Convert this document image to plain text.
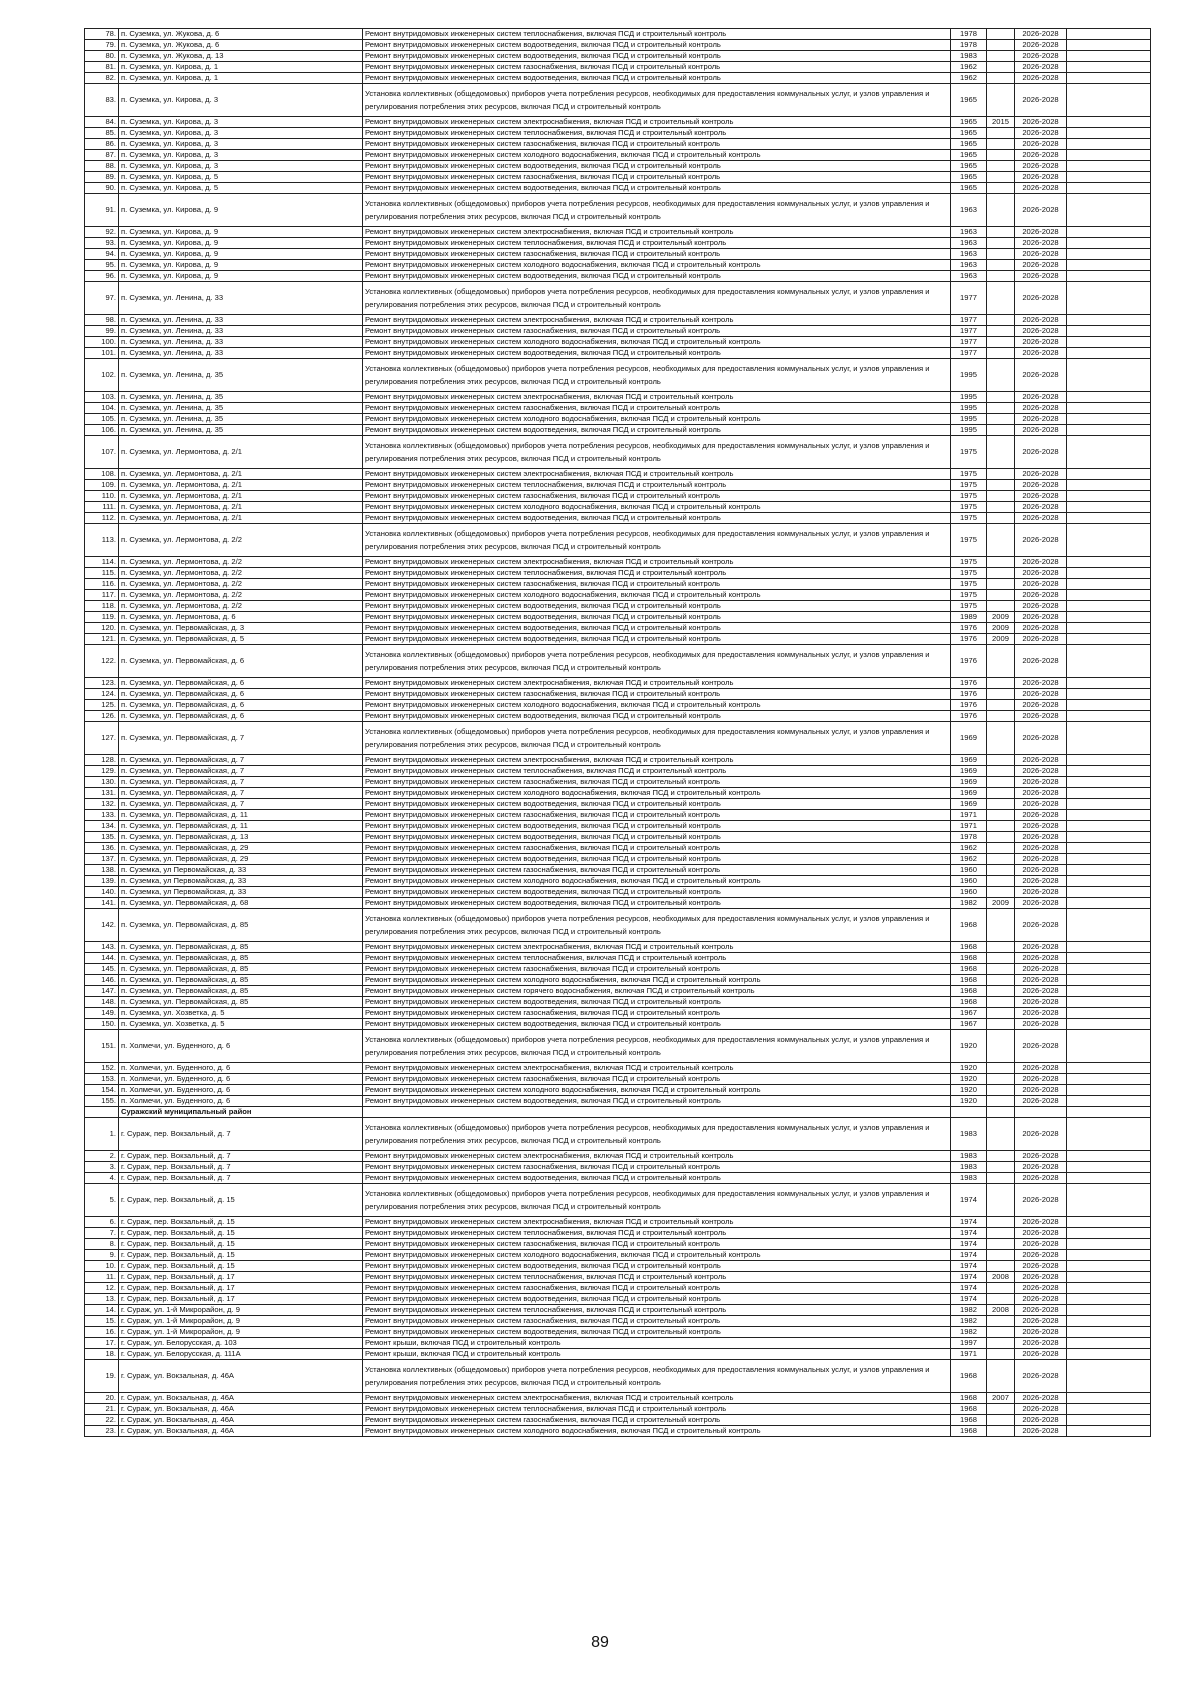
78.	п. Суземка, ул. Жукова, д. 6	Ремонт внутридомовых инженерных систем теплоснабжения, включая ПСД и строительный контроль	1978		2026-2028	
79.	п. Суземка, ул. Жукова, д. 6	Ремонт внутридомовых инженерных систем водоотведения, включая ПСД и строительный контроль	1978		2026-2028	
80.	п. Суземка, ул. Жукова, д. 13	Ремонт внутридомовых инженерных систем водоотведения, включая ПСД и строительный контроль	1983		2026-2028	
81.	п. Суземка, ул. Кирова, д. 1	Ремонт внутридомовых инженерных систем газоснабжения, включая ПСД и строительный контроль	1962		2026-2028	
82.	п. Суземка, ул. Кирова, д. 1	Ремонт внутридомовых инженерных систем водоотведения, включая ПСД и строительный контроль	1962		2026-2028	
83.	п. Суземка, ул. Кирова, д. 3	Установка коллективных (общедомовых) приборов учета потребления ресурсов, необходимых для предоставления коммунальных услуг, и узлов управления и регулирования потребления этих ресурсов, включая ПСД и строительный контроль	1965		2026-2028	
84.	п. Суземка, ул. Кирова, д. 3	Ремонт внутридомовых инженерных систем электроснабжения, включая ПСД и строительный контроль	1965	2015	2026-2028	
85.	п. Суземка, ул. Кирова, д. 3	Ремонт внутридомовых инженерных систем теплоснабжения, включая ПСД и строительный контроль	1965		2026-2028	
86.	п. Суземка, ул. Кирова, д. 3	Ремонт внутридомовых инженерных систем газоснабжения, включая ПСД и строительный контроль	1965		2026-2028	
87.	п. Суземка, ул. Кирова, д. 3	Ремонт внутридомовых инженерных систем холодного водоснабжения, включая ПСД и строительный контроль	1965		2026-2028	
88.	п. Суземка, ул. Кирова, д. 3	Ремонт внутридомовых инженерных систем водоотведения, включая ПСД и строительный контроль	1965		2026-2028	
89.	п. Суземка, ул. Кирова, д. 5	Ремонт внутридомовых инженерных систем газоснабжения, включая ПСД и строительный контроль	1965		2026-2028	
90.	п. Суземка, ул. Кирова, д. 5	Ремонт внутридомовых инженерных систем водоотведения, включая ПСД и строительный контроль	1965		2026-2028	
91.	п. Суземка, ул. Кирова, д. 9	Установка коллективных (общедомовых) приборов учета потребления ресурсов, необходимых для предоставления коммунальных услуг, и узлов управления и регулирования потребления этих ресурсов, включая ПСД и строительный контроль	1963		2026-2028	
92.	п. Суземка, ул. Кирова, д. 9	Ремонт внутридомовых инженерных систем электроснабжения, включая ПСД и строительный контроль	1963		2026-2028	
93.	п. Суземка, ул. Кирова, д. 9	Ремонт внутридомовых инженерных систем теплоснабжения, включая ПСД и строительный контроль	1963		2026-2028	
94.	п. Суземка, ул. Кирова, д. 9	Ремонт внутридомовых инженерных систем газоснабжения, включая ПСД и строительный контроль	1963		2026-2028	
95.	п. Суземка, ул. Кирова, д. 9	Ремонт внутридомовых инженерных систем холодного водоснабжения, включая ПСД и строительный контроль	1963		2026-2028	
96.	п. Суземка, ул. Кирова, д. 9	Ремонт внутридомовых инженерных систем водоотведения, включая ПСД и строительный контроль	1963		2026-2028	
97.	п. Суземка, ул. Ленина, д. 33	Установка коллективных (общедомовых) приборов учета потребления ресурсов, необходимых для предоставления коммунальных услуг, и узлов управления и регулирования потребления этих ресурсов, включая ПСД и строительный контроль	1977		2026-2028	
98.	п. Суземка, ул. Ленина, д. 33	Ремонт внутридомовых инженерных систем электроснабжения, включая ПСД и строительный контроль	1977		2026-2028	
99.	п. Суземка, ул. Ленина, д. 33	Ремонт внутридомовых инженерных систем газоснабжения, включая ПСД и строительный контроль	1977		2026-2028	
100.	п. Суземка, ул. Ленина, д. 33	Ремонт внутридомовых инженерных систем холодного водоснабжения, включая ПСД и строительный контроль	1977		2026-2028	
101.	п. Суземка, ул. Ленина, д. 33	Ремонт внутридомовых инженерных систем водоотведения, включая ПСД и строительный контроль	1977		2026-2028	
102.	п. Суземка, ул. Ленина, д. 35	Установка коллективных (общедомовых) приборов учета потребления ресурсов, необходимых для предоставления коммунальных услуг, и узлов управления и регулирования потребления этих ресурсов, включая ПСД и строительный контроль	1995		2026-2028	
103.	п. Суземка, ул. Ленина, д. 35	Ремонт внутридомовых инженерных систем электроснабжения, включая ПСД и строительный контроль	1995		2026-2028	
104.	п. Суземка, ул. Ленина, д. 35	Ремонт внутридомовых инженерных систем газоснабжения, включая ПСД и строительный контроль	1995		2026-2028	
105.	п. Суземка, ул. Ленина, д. 35	Ремонт внутридомовых инженерных систем холодного водоснабжения, включая ПСД и строительный контроль	1995		2026-2028	
106.	п. Суземка, ул. Ленина, д. 35	Ремонт внутридомовых инженерных систем водоотведения, включая ПСД и строительный контроль	1995		2026-2028	
107.	п. Суземка, ул. Лермонтова, д. 2/1	Установка коллективных (общедомовых) приборов учета потребления ресурсов, необходимых для предоставления коммунальных услуг, и узлов управления и регулирования потребления этих ресурсов, включая ПСД и строительный контроль	1975		2026-2028	
108.	п. Суземка, ул. Лермонтова, д. 2/1	Ремонт внутридомовых инженерных систем электроснабжения, включая ПСД и строительный контроль	1975		2026-2028	
109.	п. Суземка, ул. Лермонтова, д. 2/1	Ремонт внутридомовых инженерных систем теплоснабжения, включая ПСД и строительный контроль	1975		2026-2028	
110.	п. Суземка, ул. Лермонтова, д. 2/1	Ремонт внутридомовых инженерных систем газоснабжения, включая ПСД и строительный контроль	1975		2026-2028	
111.	п. Суземка, ул. Лермонтова, д. 2/1	Ремонт внутридомовых инженерных систем холодного водоснабжения, включая ПСД и строительный контроль	1975		2026-2028	
112.	п. Суземка, ул. Лермонтова, д. 2/1	Ремонт внутридомовых инженерных систем водоотведения, включая ПСД и строительный контроль	1975		2026-2028	
113.	п. Суземка, ул. Лермонтова, д. 2/2	Установка коллективных (общедомовых) приборов учета потребления ресурсов, необходимых для предоставления коммунальных услуг, и узлов управления и регулирования потребления этих ресурсов, включая ПСД и строительный контроль	1975		2026-2028	
114.	п. Суземка, ул. Лермонтова, д. 2/2	Ремонт внутридомовых инженерных систем электроснабжения, включая ПСД и строительный контроль	1975		2026-2028	
115.	п. Суземка, ул. Лермонтова, д. 2/2	Ремонт внутридомовых инженерных систем теплоснабжения, включая ПСД и строительный контроль	1975		2026-2028	
116.	п. Суземка, ул. Лермонтова, д. 2/2	Ремонт внутридомовых инженерных систем газоснабжения, включая ПСД и строительный контроль	1975		2026-2028	
117.	п. Суземка, ул. Лермонтова, д. 2/2	Ремонт внутридомовых инженерных систем холодного водоснабжения, включая ПСД и строительный контроль	1975		2026-2028	
118.	п. Суземка, ул. Лермонтова, д. 2/2	Ремонт внутридомовых инженерных систем водоотведения, включая ПСД и строительный контроль	1975		2026-2028	
119.	п. Суземка, ул. Лермонтова, д. 6	Ремонт внутридомовых инженерных систем водоотведения, включая ПСД и строительный контроль	1989	2009	2026-2028	
120.	п. Суземка, ул. Первомайская, д. 3	Ремонт внутридомовых инженерных систем водоотведения, включая ПСД и строительный контроль	1976	2009	2026-2028	
121.	п. Суземка, ул. Первомайская, д. 5	Ремонт внутридомовых инженерных систем водоотведения, включая ПСД и строительный контроль	1976	2009	2026-2028	
122.	п. Суземка, ул. Первомайская, д. 6	Установка коллективных (общедомовых) приборов учета потребления ресурсов, необходимых для предоставления коммунальных услуг, и узлов управления и регулирования потребления этих ресурсов, включая ПСД и строительный контроль	1976		2026-2028	
123.	п. Суземка, ул. Первомайская, д. 6	Ремонт внутридомовых инженерных систем электроснабжения, включая ПСД и строительный контроль	1976		2026-2028	
124.	п. Суземка, ул. Первомайская, д. 6	Ремонт внутридомовых инженерных систем газоснабжения, включая ПСД и строительный контроль	1976		2026-2028	
125.	п. Суземка, ул. Первомайская, д. 6	Ремонт внутридомовых инженерных систем холодного водоснабжения, включая ПСД и строительный контроль	1976		2026-2028	
126.	п. Суземка, ул. Первомайская, д. 6	Ремонт внутридомовых инженерных систем водоотведения, включая ПСД и строительный контроль	1976		2026-2028	
127.	п. Суземка, ул. Первомайская, д. 7	Установка коллективных (общедомовых) приборов учета потребления ресурсов, необходимых для предоставления коммунальных услуг, и узлов управления и регулирования потребления этих ресурсов, включая ПСД и строительный контроль	1969		2026-2028	
128.	п. Суземка, ул. Первомайская, д. 7	Ремонт внутридомовых инженерных систем электроснабжения, включая ПСД и строительный контроль	1969		2026-2028	
129.	п. Суземка, ул. Первомайская, д. 7	Ремонт внутридомовых инженерных систем теплоснабжения, включая ПСД и строительный контроль	1969		2026-2028	
130.	п. Суземка, ул. Первомайская, д. 7	Ремонт внутридомовых инженерных систем газоснабжения, включая ПСД и строительный контроль	1969		2026-2028	
131.	п. Суземка, ул. Первомайская, д. 7	Ремонт внутридомовых инженерных систем холодного водоснабжения, включая ПСД и строительный контроль	1969		2026-2028	
132.	п. Суземка, ул. Первомайская, д. 7	Ремонт внутридомовых инженерных систем водоотведения, включая ПСД и строительный контроль	1969		2026-2028	
133.	п. Суземка, ул. Первомайская, д. 11	Ремонт внутридомовых инженерных систем газоснабжения, включая ПСД и строительный контроль	1971		2026-2028	
134.	п. Суземка, ул. Первомайская, д. 11	Ремонт внутридомовых инженерных систем водоотведения, включая ПСД и строительный контроль	1971		2026-2028	
135.	п. Суземка, ул. Первомайская, д. 13	Ремонт внутридомовых инженерных систем водоотведения, включая ПСД и строительный контроль	1978		2026-2028	
136.	п. Суземка, ул. Первомайская, д. 29	Ремонт внутридомовых инженерных систем газоснабжения, включая ПСД и строительный контроль	1962		2026-2028	
137.	п. Суземка, ул. Первомайская, д. 29	Ремонт внутридомовых инженерных систем водоотведения, включая ПСД и строительный контроль	1962		2026-2028	
138.	п. Суземка, ул Первомайская, д. 33	Ремонт внутридомовых инженерных систем газоснабжения, включая ПСД и строительный контроль	1960		2026-2028	
139.	п. Суземка, ул Первомайская, д. 33	Ремонт внутридомовых инженерных систем холодного водоснабжения, включая ПСД и строительный контроль	1960		2026-2028	
140.	п. Суземка, ул Первомайская, д. 33	Ремонт внутридомовых инженерных систем водоотведения, включая ПСД и строительный контроль	1960		2026-2028	
141.	п. Суземка, ул. Первомайская, д. 68	Ремонт внутридомовых инженерных систем водоотведения, включая ПСД и строительный контроль	1982	2009	2026-2028	
142.	п. Суземка, ул. Первомайская, д. 85	Установка коллективных (общедомовых) приборов учета потребления ресурсов, необходимых для предоставления коммунальных услуг, и узлов управления и регулирования потребления этих ресурсов, включая ПСД и строительный контроль	1968		2026-2028	
143.	п. Суземка, ул. Первомайская, д. 85	Ремонт внутридомовых инженерных систем электроснабжения, включая ПСД и строительный контроль	1968		2026-2028	
144.	п. Суземка, ул. Первомайская, д. 85	Ремонт внутридомовых инженерных систем теплоснабжения, включая ПСД и строительный контроль	1968		2026-2028	
145.	п. Суземка, ул. Первомайская, д. 85	Ремонт внутридомовых инженерных систем газоснабжения, включая ПСД и строительный контроль	1968		2026-2028	
146.	п. Суземка, ул. Первомайская, д. 85	Ремонт внутридомовых инженерных систем холодного водоснабжения, включая ПСД и строительный контроль	1968		2026-2028	
147.	п. Суземка, ул. Первомайская, д. 85	Ремонт внутридомовых инженерных систем горячего водоснабжения, включая ПСД и строительный контроль	1968		2026-2028	
148.	п. Суземка, ул. Первомайская, д. 85	Ремонт внутридомовых инженерных систем водоотведения, включая ПСД и строительный контроль	1968		2026-2028	
149.	п. Суземка, ул. Хозветка, д. 5	Ремонт внутридомовых инженерных систем газоснабжения, включая ПСД и строительный контроль	1967		2026-2028	
150.	п. Суземка, ул. Хозветка, д. 5	Ремонт внутридомовых инженерных систем водоотведения, включая ПСД и строительный контроль	1967		2026-2028	
151.	п. Холмечи, ул. Буденного, д. 6	Установка коллективных (общедомовых) приборов учета потребления ресурсов, необходимых для предоставления коммунальных услуг, и узлов управления и регулирования потребления этих ресурсов, включая ПСД и строительный контроль	1920		2026-2028	
152.	п. Холмечи, ул. Буденного, д. 6	Ремонт внутридомовых инженерных систем электроснабжения, включая ПСД и строительный контроль	1920		2026-2028	
153.	п. Холмечи, ул. Буденного, д. 6	Ремонт внутридомовых инженерных систем газоснабжения, включая ПСД и строительный контроль	1920		2026-2028	
154.	п. Холмечи, ул. Буденного, д. 6	Ремонт внутридомовых инженерных систем холодного водоснабжения, включая ПСД и строительный контроль	1920		2026-2028	
155.	п. Холмечи, ул. Буденного, д. 6	Ремонт внутридомовых инженерных систем водоотведения, включая ПСД и строительный контроль	1920		2026-2028	
	Суражский муниципальный район					
1.	г. Сураж, пер. Вокзальный, д. 7	Установка коллективных (общедомовых) приборов учета потребления ресурсов, необходимых для предоставления коммунальных услуг, и узлов управления и регулирования потребления этих ресурсов, включая ПСД и строительный контроль	1983		2026-2028	
2.	г. Сураж, пер. Вокзальный, д. 7	Ремонт внутридомовых инженерных систем электроснабжения, включая ПСД и строительный контроль	1983		2026-2028	
3.	г. Сураж, пер. Вокзальный, д. 7	Ремонт внутридомовых инженерных систем газоснабжения, включая ПСД и строительный контроль	1983		2026-2028	
4.	г. Сураж, пер. Вокзальный, д. 7	Ремонт внутридомовых инженерных систем водоотведения, включая ПСД и строительный контроль	1983		2026-2028	
5.	г. Сураж, пер. Вокзальный, д. 15	Установка коллективных (общедомовых) приборов учета потребления ресурсов, необходимых для предоставления коммунальных услуг, и узлов управления и регулирования потребления этих ресурсов, включая ПСД и строительный контроль	1974		2026-2028	
6.	г. Сураж, пер. Вокзальный, д. 15	Ремонт внутридомовых инженерных систем электроснабжения, включая ПСД и строительный контроль	1974		2026-2028	
7.	г. Сураж, пер. Вокзальный, д. 15	Ремонт внутридомовых инженерных систем теплоснабжения, включая ПСД и строительный контроль	1974		2026-2028	
8.	г. Сураж, пер. Вокзальный, д. 15	Ремонт внутридомовых инженерных систем газоснабжения, включая ПСД и строительный контроль	1974		2026-2028	
9.	г. Сураж, пер. Вокзальный, д. 15	Ремонт внутридомовых инженерных систем холодного водоснабжения, включая ПСД и строительный контроль	1974		2026-2028	
10.	г. Сураж, пер. Вокзальный, д. 15	Ремонт внутридомовых инженерных систем водоотведения, включая ПСД и строительный контроль	1974		2026-2028	
11.	г. Сураж, пер. Вокзальный, д. 17	Ремонт внутридомовых инженерных систем теплоснабжения, включая ПСД и строительный контроль	1974	2008	2026-2028	
12.	г. Сураж, пер. Вокзальный, д. 17	Ремонт внутридомовых инженерных систем газоснабжения, включая ПСД и строительный контроль	1974		2026-2028	
13.	г. Сураж, пер. Вокзальный, д. 17	Ремонт внутридомовых инженерных систем водоотведения, включая ПСД и строительный контроль	1974		2026-2028	
14.	г. Сураж, ул. 1-й Микрорайон, д. 9	Ремонт внутридомовых инженерных систем теплоснабжения, включая ПСД и строительный контроль	1982	2008	2026-2028	
15.	г. Сураж, ул. 1-й Микрорайон, д. 9	Ремонт внутридомовых инженерных систем газоснабжения, включая ПСД и строительный контроль	1982		2026-2028	
16.	г. Сураж, ул. 1-й Микрорайон, д. 9	Ремонт внутридомовых инженерных систем водоотведения, включая ПСД и строительный контроль	1982		2026-2028	
17.	г. Сураж, ул. Белорусская, д. 103	Ремонт крыши, включая ПСД и строительный контроль	1997		2026-2028	
18.	г. Сураж, ул. Белорусская, д. 111А	Ремонт крыши, включая ПСД и строительный контроль	1971		2026-2028	
19.	г. Сураж, ул. Вокзальная, д. 46А	Установка коллективных (общедомовых) приборов учета потребления ресурсов, необходимых для предоставления коммунальных услуг, и узлов управления и регулирования потребления этих ресурсов, включая ПСД и строительный контроль	1968		2026-2028	
20.	г. Сураж, ул. Вокзальная, д. 46А	Ремонт внутридомовых инженерных систем электроснабжения, включая ПСД и строительный контроль	1968	2007	2026-2028	
21.	г. Сураж, ул. Вокзальная, д. 46А	Ремонт внутридомовых инженерных систем теплоснабжения, включая ПСД и строительный контроль	1968		2026-2028	
22.	г. Сураж, ул. Вокзальная, д. 46А	Ремонт внутридомовых инженерных систем газоснабжения, включая ПСД и строительный контроль	1968		2026-2028	
23.	г. Сураж, ул. Вокзальная, д. 46А	Ремонт внутридомовых инженерных систем холодного водоснабжения, включая ПСД и строительный контроль	1968		2026-2028	
89
